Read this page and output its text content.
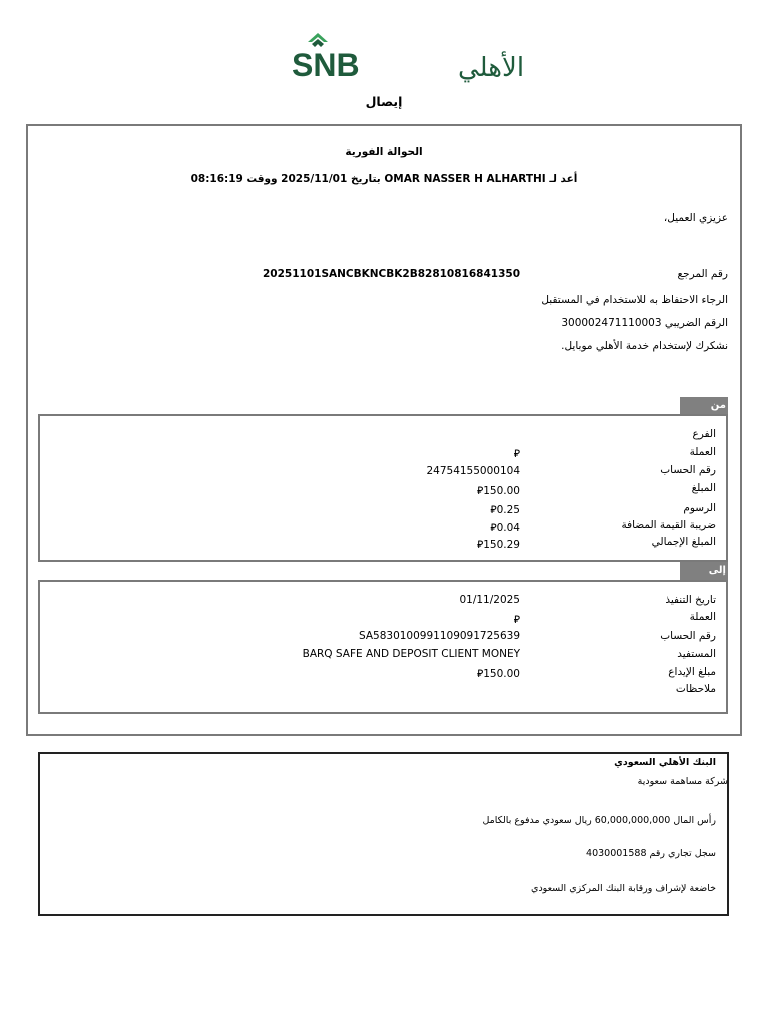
SNB	الأهلي
إيصال
الحوالة الفورية
أعد لـ OMAR NASSER H ALHARTHI بتاريخ 2025/11/01 ووقت 08:16:19
عزيزي العميل،
رقم المرجع
20251101SANCBKNCBK2B82810816841350
الرجاء الاحتفاظ به للاستخدام في المستقبل
الرقم الضريبي 300002471110003
نشكرك لإستخدام خدمة الأهلي موبايل.
من
الفرع
العملة
⃁
رقم الحساب
24754155000104
المبلغ
⃁150.00
الرسوم
⃁0.25
ضريبة القيمة المضافة
⃁0.04
المبلغ الإجمالي
⃁150.29
إلى
تاريخ التنفيذ
01/11/2025
العملة
⃁
رقم الحساب
SA5830100991109091725639
المستفيد
BARQ SAFE AND DEPOSIT CLIENT MONEY
مبلغ الإيداع
⃁150.00
ملاحظات
البنك الأهلي السعودي
شركة مساهمة سعودية
رأس المال 60,000,000,000 ريال سعودي مدفوع بالكامل
سجل تجاري رقم 4030001588
خاضعة لإشراف ورقابة البنك المركزي السعودي
